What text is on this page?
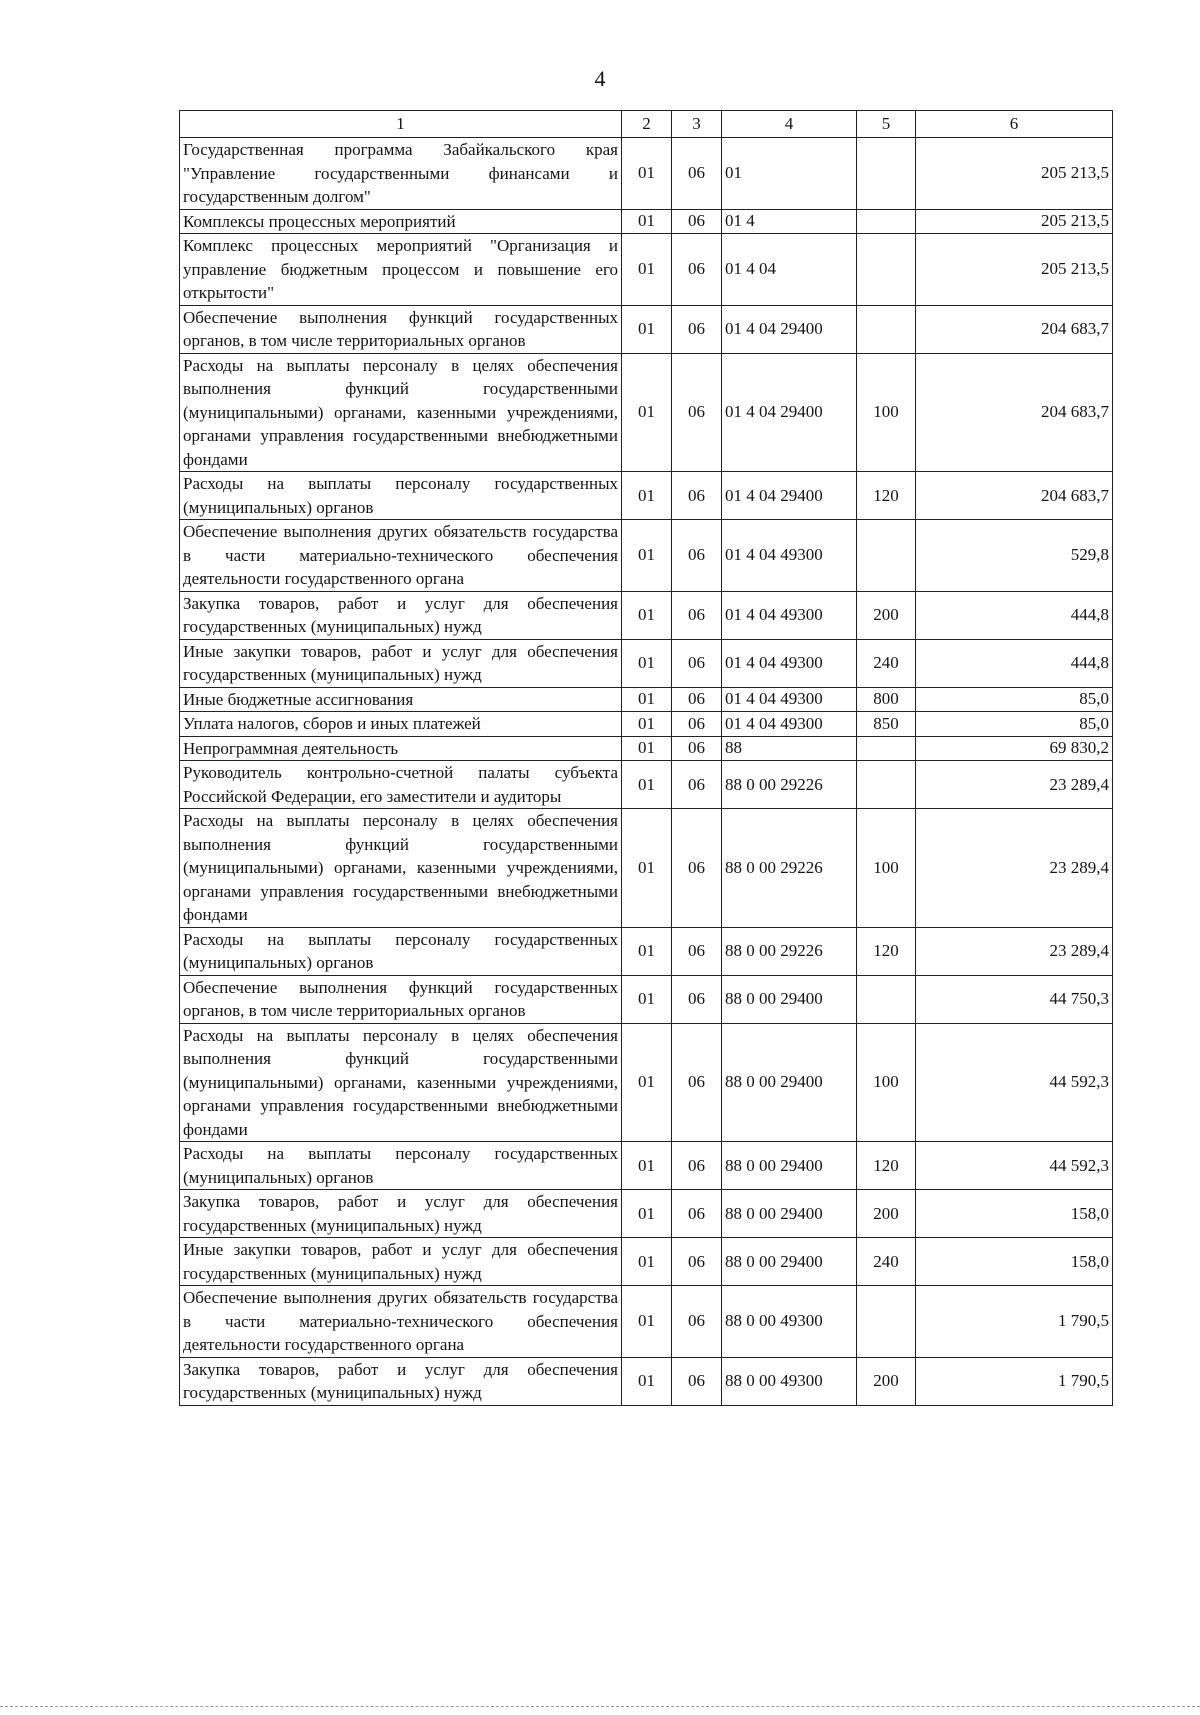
4
1	2	3	4	5	6
Государственная программа Забайкальского края "Управление государственными финансами и государственным долгом"	01	06	01		205 213,5
Комплексы процессных мероприятий	01	06	01 4		205 213,5
Комплекс процессных мероприятий "Организация и управление бюджетным процессом и повышение его открытости"	01	06	01 4 04		205 213,5
Обеспечение выполнения функций государственных органов, в том числе территориальных органов	01	06	01 4 04 29400		204 683,7
Расходы на выплаты персоналу в целях обеспечения выполнения функций государственными (муниципальными) органами, казенными учреждениями, органами управления государственными внебюджетными фондами	01	06	01 4 04 29400	100	204 683,7
Расходы на выплаты персоналу государственных (муниципальных) органов	01	06	01 4 04 29400	120	204 683,7
Обеспечение выполнения других обязательств государства в части материально-технического обеспечения деятельности государственного органа	01	06	01 4 04 49300		529,8
Закупка товаров, работ и услуг для обеспечения государственных (муниципальных) нужд	01	06	01 4 04 49300	200	444,8
Иные закупки товаров, работ и услуг для обеспечения государственных (муниципальных) нужд	01	06	01 4 04 49300	240	444,8
Иные бюджетные ассигнования	01	06	01 4 04 49300	800	85,0
Уплата налогов, сборов и иных платежей	01	06	01 4 04 49300	850	85,0
Непрограммная деятельность	01	06	88		69 830,2
Руководитель контрольно-счетной палаты субъекта Российской Федерации, его заместители и аудиторы	01	06	88 0 00 29226		23 289,4
Расходы на выплаты персоналу в целях обеспечения выполнения функций государственными (муниципальными) органами, казенными учреждениями, органами управления государственными внебюджетными фондами	01	06	88 0 00 29226	100	23 289,4
Расходы на выплаты персоналу государственных (муниципальных) органов	01	06	88 0 00 29226	120	23 289,4
Обеспечение выполнения функций государственных органов, в том числе территориальных органов	01	06	88 0 00 29400		44 750,3
Расходы на выплаты персоналу в целях обеспечения выполнения функций государственными (муниципальными) органами, казенными учреждениями, органами управления государственными внебюджетными фондами	01	06	88 0 00 29400	100	44 592,3
Расходы на выплаты персоналу государственных (муниципальных) органов	01	06	88 0 00 29400	120	44 592,3
Закупка товаров, работ и услуг для обеспечения государственных (муниципальных) нужд	01	06	88 0 00 29400	200	158,0
Иные закупки товаров, работ и услуг для обеспечения государственных (муниципальных) нужд	01	06	88 0 00 29400	240	158,0
Обеспечение выполнения других обязательств государства в части материально-технического обеспечения деятельности государственного органа	01	06	88 0 00 49300		1 790,5
Закупка товаров, работ и услуг для обеспечения государственных (муниципальных) нужд	01	06	88 0 00 49300	200	1 790,5
